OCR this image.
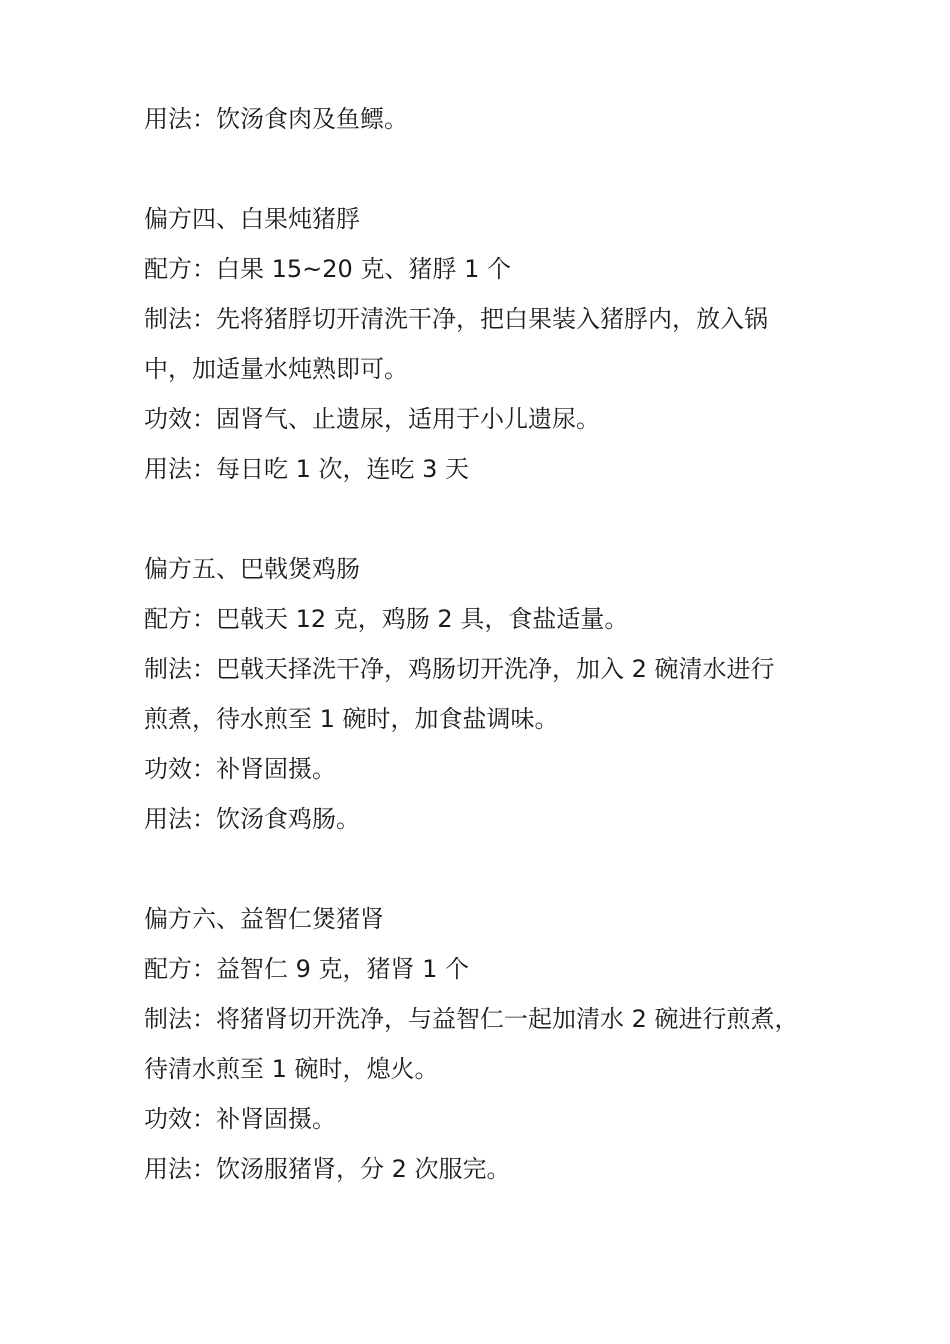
用法：饮汤食肉及鱼鳔。
偏方四、白果炖猪脬
配方：白果 15~20 克、猪脬 1 个
制法：先将猪脬切开清洗干净，把白果装入猪脬内，放入锅
中，加适量水炖熟即可。
功效：固肾气、止遗尿，适用于小儿遗尿。
用法：每日吃 1 次，连吃 3 天
偏方五、巴戟煲鸡肠
配方：巴戟天 12 克，鸡肠 2 具，食盐适量。
制法：巴戟天择洗干净，鸡肠切开洗净，加入 2 碗清水进行
煎煮，待水煎至 1 碗时，加食盐调味。
功效：补肾固摄。
用法：饮汤食鸡肠。
偏方六、益智仁煲猪肾
配方：益智仁 9 克，猪肾 1 个
制法：将猪肾切开洗净，与益智仁一起加清水 2 碗进行煎煮，
待清水煎至 1 碗时，熄火。
功效：补肾固摄。
用法：饮汤服猪肾，分 2 次服完。
